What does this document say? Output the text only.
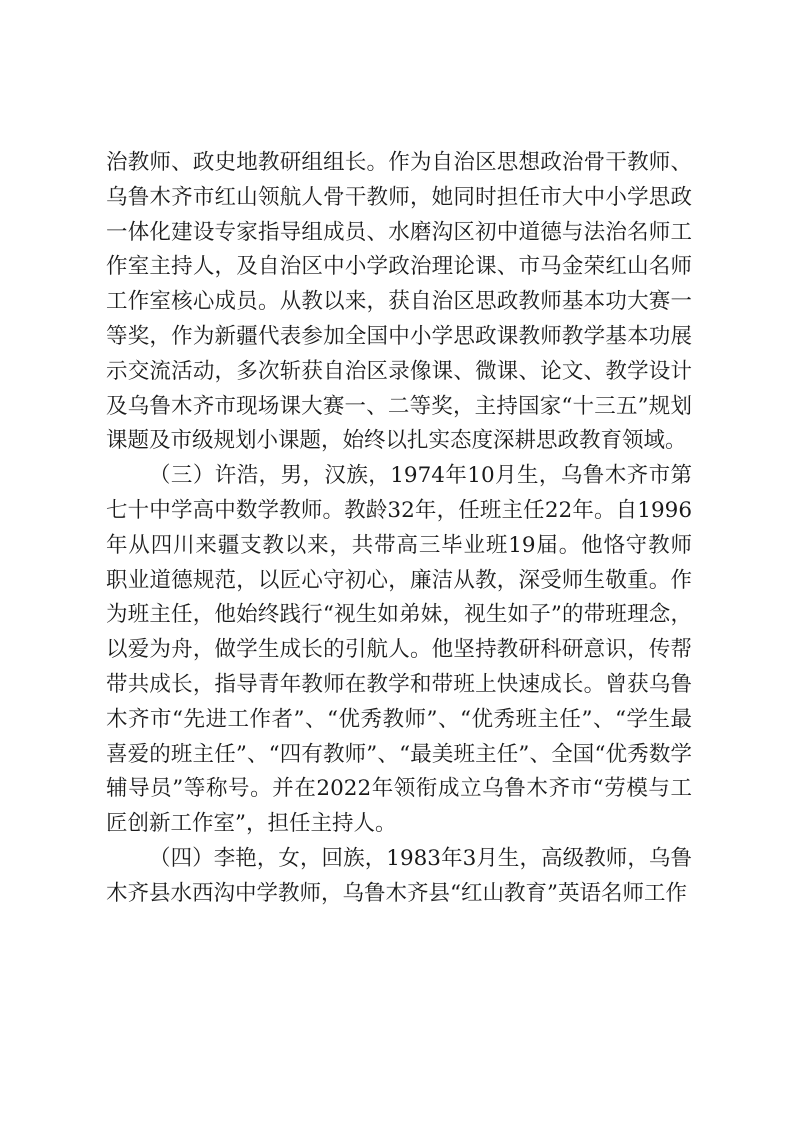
治教师、政史地教研组组长。作为自治区思想政治骨干教师、乌鲁木齐市红山领航人骨干教师，她同时担任市大中小学思政一体化建设专家指导组成员、水磨沟区初中道德与法治名师工作室主持人，及自治区中小学政治理论课、市马金荣红山名师工作室核心成员。从教以来，获自治区思政教师基本功大赛一等奖，作为新疆代表参加全国中小学思政课教师教学基本功展示交流活动，多次斩获自治区录像课、微课、论文、教学设计及乌鲁木齐市现场课大赛一、二等奖，主持国家“十三五”规划课题及市级规划小课题，始终以扎实态度深耕思政教育领域。

（三）许浩，男，汉族，1974年10月生，乌鲁木齐市第七十中学高中数学教师。教龄32年，任班主任22年。自1996年从四川来疆支教以来，共带高三毕业班19届。他恪守教师职业道德规范，以匠心守初心，廉洁从教，深受师生敬重。作为班主任，他始终践行“视生如弟妹，视生如子”的带班理念，以爱为舟，做学生成长的引航人。他坚持教研科研意识，传帮带共成长，指导青年教师在教学和带班上快速成长。曾获乌鲁木齐市“先进工作者”、“优秀教师”、“优秀班主任”、“学生最喜爱的班主任”、“四有教师”、“最美班主任”、全国“优秀数学辅导员”等称号。并在2022年领衔成立乌鲁木齐市“劳模与工匠创新工作室”，担任主持人。

（四）李艳，女，回族，1983年3月生，高级教师，乌鲁木齐县水西沟中学教师，乌鲁木齐县“红山教育”英语名师工作
